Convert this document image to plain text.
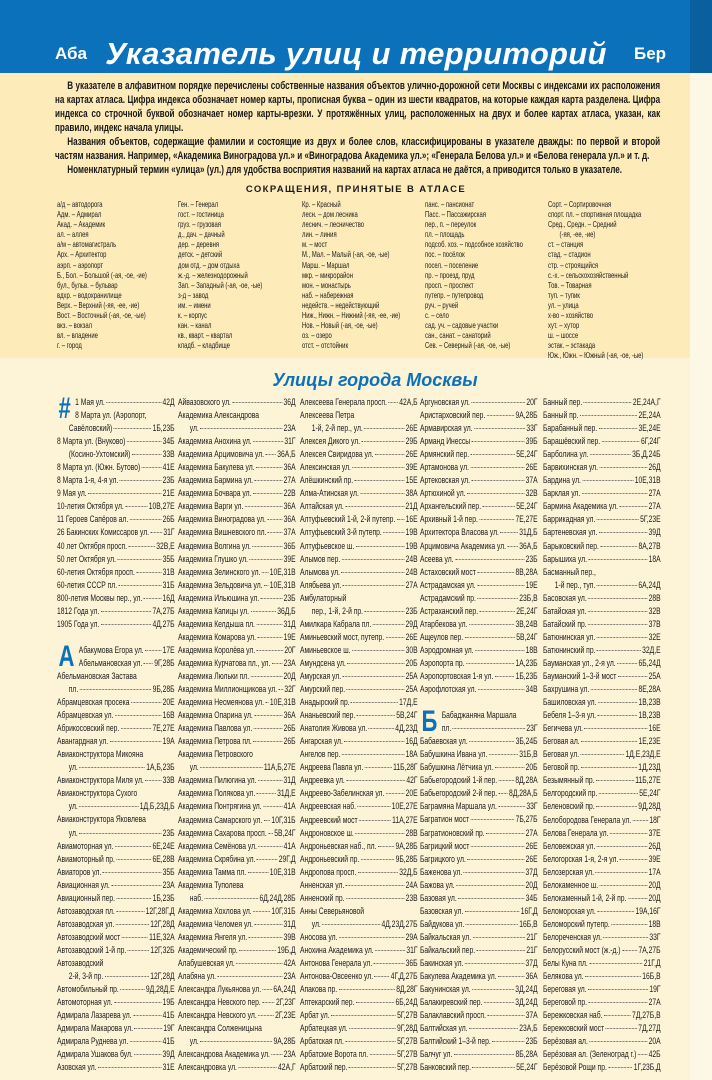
Аба Указатель улиц и территорий	Бер

В указателе в алфавитном порядке перечислены собственные названия объектов улично-дорожной сети Москвы с индексами их расположения на картах атласа. Цифра индекса обозначает номер карты, прописная буква – один из шести квадратов, на которые каждая карта разделена. Цифра индекса со строчной буквой обозначает номер карты-врезки. У протяжённых улиц, расположенных на двух и более картах атласа, указан, как правило, индекс начала улицы.

Названия объектов, содержащие фамилии и состоящие из двух и более слов, классифицированы в указателе дважды: по первой и второй частям названия. Например, «Академика Виноградова ул.» и «Виноградова Академика ул.»; «Генерала Белова ул.» и «Белова генерала ул.» и т. д.

Номенклатурный термин «улица» (ул.) для удобства восприятия названий на картах атласа не даётся, а приводится только в указателе.

СОКРАЩЕНИЯ, ПРИНЯТЫЕ В АТЛАСЕ
а/д – автодорога
Адм. – Адмирал
Акад. – Академик
ал. – аллея
а/м – автомагистраль
Арх. – Архитектор
аэрп. – аэропорт
Б., Бол. – Большой (-ая, -ое, -ие)
бул., бульв. – бульвар
вдхр. – водохранилище
Верх. – Верхний (-яя, -ее, -ие)
Вост. – Восточный (-ая, -ое, -ые)
вкз. – вокзал
вл. – владение
г. – город
Ген. – Генерал
гост. – гостиница
груз. – грузовая
д., дач. – дачный
дер. – деревня
детск. – детский
дом отд. – дом отдыха
ж.-д. – железнодорожный
Зап. – Западный (-ая, -ое, -ые)
з-д – завод
им. – имени
к. – корпус
кан. – канал
кв., кварт. – квартал
кладб. – кладбище
Кр. – Красный
лесн. – дом лесника
леснич. – лесничество
лин. – линия
м. – мост
М., Мал. – Малый (-ая, -ое, -ые)
Марш. – Маршал
мкр. – микрорайон
мон. – монастырь
наб. – набережная
недейств. – недействующий
Ниж., Нижн. – Нижний (-яя, -ее, -ие)
Нов. – Новый (-ая, -ое, -ые)
оз. – озеро
отст. – отстойник
панс. – пансионат
Пасс. – Пассажирская
пер., п. – переулок
пл. – площадь
подсоб. хоз. – подсобное хозяйство
пос. – посёлок
посел. – поселение
пр. – проезд, пруд
просп. – проспект
путепр. – путепровод
руч. – ручей
с. – село
сад. уч. – садовые участки
сан., санат. – санаторий
Сев. – Северный (-ая, -ое, -ые)
Сорт. – Сортировочная
спорт. пл. – спортивная площадка
Сред., Средн. – Средний
(-яя, -ее, -ие)
ст. – станция
стад. – стадион
стр. – строящийся
с.-х. – сельскохозяйственный
Тов. – Товарная
туп. – тупик
ул. – улица
х-во – хозяйство
хут. – хутор
ш. – шоссе
эстак. – эстакада
Юж., Южн. – Южный (-ая, -ое, -ые)
Улицы города Москвы
# 1 Мая ул.	42Д
8 Марта ул. (Аэропорт,
Савёловский)	1Б,23Б
8 Марта ул. (Внуково)	34Б
(Косино-Ухтомский)	33В
8 Марта ул. (Южн. Бутово) 41Е
8 Марта 1-я, 4-я ул.	23Б
9 Мая ул.	21Е
10-летия Октября ул.	10В,27Е
11 Героев Сапёров ал.	26Б
26 Бакинских Комиссаров ул. 31Г
40 лет Октября просп.	32В,Е
50 лет Октября ул.	35Б
60-летия Октября просп.	31В
60-летия СССР пл.	31Б
800-летия Москвы пер., ул. 16Д
1812 Года ул.	7А,27Б
1905 Года ул.	4Д,27Б
А Абакумова Егора ул. 17Е
Абельмановская ул. 9Г,28Б
Абельмановская Застава
пл.	9Б,28Б
Абрамцевская просека	20Е
Абрамцевская ул.	16В
Абрикосовский пер.	7Е,27Е
Авангардная ул.	19А
Авиаконструктора Микояна
ул.	1А,Б,23Б
Авиаконструктора Миля ул. 33В
Авиаконструктора Сухого
ул.	1Д,Б,23Д,Б
Авиаконструктора Яковлева
ул.	23Б
Авиамоторная ул.	6Е,24Е
Авиамоторный пр.	6Е,28В
Авиаторов ул.	35Б
Авиационная ул.	23А
Авиационный пер.	1Б,23Б
Автозаводская пл.	12Г,28Г,Д
Автозаводская ул.	12Г,28Д
Автозаводский мост	11Е,32А
Автозаводский 1-й пр.	12Г,32Б
Автозаводский
2-й, 3-й пр.	12Г,28Д
Автомобильный пр.	9Д,28Д,Е
Автомоторная ул.	19Б
Адмирала Лазарева ул.	41Б
Адмирала Макарова ул.	19Г
Адмирала Руднева ул.	41Б
Адмирала Ушакова бул.	39Д
Азовская ул.	31Е
Айвазовского ул.	36Д
Академика Александрова
ул.	23А
Академика Анохина ул.	31Г
Академика Арцимовича ул. 36А,Б
Академика Бакулева ул.	36А
Академика Бармина ул.	27А
Академика Бочвара ул.	22В
Академика Варги ул.	36А
Академика Виноградова ул. 36А
Академика Вишневского пл. 37А
Академика Волгина ул.	36Б
Академика Глушко ул.	39Е
Академика Зелинского ул. 10Е,31В
Академика Зельдовича ул. 10Е,31В
Академика Ильюшина ул.	23Б
Академика Капицы ул.	36Д,Б
Академика Келдыша пл.	31Д
Академика Комарова ул.	19Е
Академика Королёва ул.	20Г
Академика Курчатова пл., ул. 23А
Академика Люльки пл.	20Д
Академика Миллионщикова ул. 32Г
Академика Несмеянова ул. 10Е,31В
Академика Опарина ул.	36А
Академика Павлова ул.	26Б
Академика Петрова пл.	26Б
Академика Петровского
ул.	11А,Б,27Е
Академика Пилюгина ул.	31Д
Академика Полякова ул. 31Д,Е
Академика Понтрягина ул. 41А
Академика Самарского ул. 10Г,31Б
Академика Сахарова просп. 5В,24Г
Академика Семёнова ул.	41А
Академика Скрябина ул.	29Г,Д
Академика Тамма пл.	10Е,31В
Академика Туполева
наб.	6Д,24Д,28Б
Академика Хохлова ул. 10Г,31Б
Академика Челомея ул.	31Д
Академика Янгеля ул.	39В
Академический пр.	19Б,Д
Алабушевская ул.	42А
Алабяна ул.	23А
Александра Лукьянова ул. 6А,24Д
Александра Невского пер. 2Г,23Г
Александра Невского ул. 2Г,23Е
Александра Солженицына
ул.	9А,28Б
Александрова Академика ул. 23А
Александровка ул.	42А,Г
Алексеева Генерала просп. 42А,Б
Алексеева Петра
1-й, 2-й пер., ул.	26Е
Алексея Дикого ул.	29Б
Алексея Свиридова ул.	26Е
Алексинская ул.	39Е
Алёшкинский пр.	15Е
Алма-Атинская ул.	38А
Алтайская ул.	21Д
Алтуфьевский 1-й, 2-й путепр. 16Е
Алтуфьевский 3-й путепр.	19В
Алтуфьевское ш.	19В
Алымов пер.	24В
Алымова ул.	24В
Алябьева ул.	27А
Амбулаторный
пер., 1-й, 2-й пр.	23Б
Амилкара Кабрала пл.	29Д
Аминьевский мост, путепр. 26Е
Аминьевское ш.	30В
Амундсена ул.	20Б
Амурская ул.	25А
Амурский пер.	25А
Анадырский пр.	17Д,Е
Ананьевский пер.	5В,24Г
Анатолия Живова ул.	4Д,23Д
Ангарская ул.	16Д
Ангелов пер.	18А
Андреева Павла ул.	11Б,28Г
Андреевка ул.	42Г
Андреево-Забелинская ул. 20Е
Андреевская наб.	10Е,27Е
Андреевский мост	11А,27Е
Андроновское ш.	28В
Андроньевская наб., пл. 9А,28Б
Андроньевский пр.	9Б,28Б
Андропова просп.	32Д,Б
Анненская ул.	24А
Анненский пр.	23В
Анны Северьяновой
ул.	4Д,23Д,27Б
Аносова ул.	29А
Анохина Академика ул.	31Г
Антонова Генерала ул.	36Б
Антонова-Овсеенко ул. 4Г,Д,27Б
Апакова пр.	8Д,28Г
Аптекарский пер.	6Б,24Д
Арбат ул.	5Г,27В
Арбатецкая ул.	9Г,28Д
Арбатская пл.	5Г,27В
Арбатские Ворота пл.	5Г,27В
Арбатский пер.	5Г,27В
Аргуновская ул.	20Г
Аристарховский пер.	9А,28Б
Армавирская ул.	33Г
Арманд Инессы	39Б
Армянский пер.	5Е,24Г
Артамонова ул.	26Е
Артековская ул.	37А
Артюхиной ул.	32В
Архангельский пер.	5Е,24Г
Архивный 1-й пер.	7Е,27Е
Архитектора Власова ул. 31Д,Б
Арцимовича Академика ул. 36А,Б
Асеева ул.	23Б
Астаховский мост	8В,28А
Астрадамская ул.	19Е
Астрадамский пр.	23Б,В
Астраханский пер.	2Е,24Г
Атарбекова ул.	3В,24В
Ащеулов пер.	5В,24Г
Аэродромная ул.	18В
Аэропорта пр.	1А,23Б
Аэропортовская 1-я ул. 1Б,23Б
Аэрофлотская ул.	34В
Б Бабаджаняна Маршала
пл.	23Г
Бабаевская ул.	3Б,24Б
Бабушкина Ивана ул.	31Б,В
Бабушкина Лётчика ул.	20Б
Бабьегородский 1-й пер. 8Д,28А
Бабьегородский 2-й пер. 8Д,28А,Б
Баграмяна Маршала ул.	33Г
Багратион мост	7Б,27Б
Багратионовский пр.	27А
Багрицкий мост	26Е
Багрицкого ул.	26Е
Баженова ул.	37Д
Бажова ул.	20Д
Базовая ул.	34Б
Базовская ул.	16Г,Д
Байдукова ул.	16Б,В
Байкальская ул.	21Г
Байкальский пер.	21Г
Бакинская ул.	37Д
Бакулева Академика ул.	36А
Бакунинская ул.	3Д,24Д
Балакиревский пер.	3Д,24Д
Балаклавский просп.	37А
Балтийская ул.	23А,Б
Балтийский 1–3-й пер.	23Б
Балчуг ул.	8Б,28А
Банковский пер.	5Е,24Г
Банный пер.	2Е,24А,Г
Банный пр.	2Е,24А
Барабанный пер.	3Е,24Е
Барашёвский пер.	6Г,24Г
Барболина ул.	3Б,Д,24Б
Барвихинская ул.	26Д
Бардина ул.	10Е,31В
Барклая ул.	27А
Бармина Академика ул.	27А
Баррикадная ул.	5Г,23Е
Бартеневская ул.	39Д
Барыковский пер.	8А,27В
Барышиха ул.	18А
Басманный пер.,
1-й пер., туп.	6А,24Д
Басовская ул.	28В
Батайская ул.	32В
Батайский пр.	37В
Батюнинская ул.	32Е
Батюнинский пр.	32Д,Е
Бауманская ул., 2-я ул. 6Б,24Д
Бауманский 1–3-й мост	25А
Бахрушина ул.	8Е,28А
Башиловская ул.	1В,23В
Бебеля 1–3-я ул.	1В,23В
Бегичева ул.	16Е
Беговая ал.	1Е,23Е
Беговая ул.	1Д,Е,23Д,Е
Беговой пр.	1Д,23Д
Безымянный пр.	11Б,27Е
Белгородский пр.	5Е,24Г
Беленовский пр.	9Д,28Д
Белобородова Генерала ул. 18Г
Белова Генерала ул.	37Е
Беловежская ул.	26Д
Белогорская 1-я, 2-я ул.	39Е
Белозерская ул.	17А
Белокаменное ш.	20Д
Белокаменный 1-й, 2-й пр. 20Д
Беломорская ул.	19А,16Г
Беломорский путепр.	18В
Белореченская ул.	33Г
Белорусский мост (ж.-д.) 7А,27Б
Белы Куна пл.	21Г,Д
Белякова ул.	16Б,В
Береговая ул.	19Г
Береговой пр.	27А
Бережковская наб.	7Д,27Б,В
Бережковский мост	7Д,27Д
Берёзовая ал.	20А
Берёзовая ал. (Зеленоград г.) 42Б
Берёзовой Рощи пр.	1Г,23Б,Д
